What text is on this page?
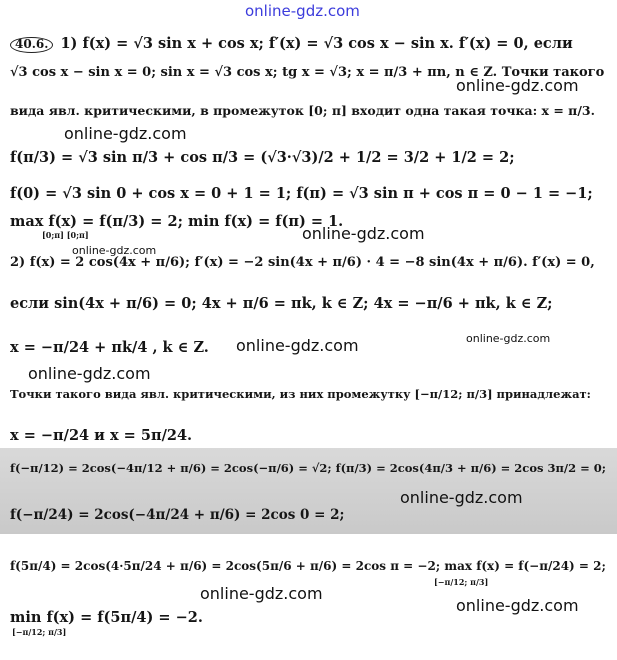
online-gdz.com
40.6. 1) f(x) = √3 sin x + cos x; f′(x) = √3 cos x − sin x. f′(x) = 0, если
√3 cos x − sin x = 0; sin x = √3 cos x; tg x = √3; x = π/3 + πn, n ∈ Z. Точки такого
online-gdz.com
вида явл. критическими, в промежуток [0; π] входит одна такая точка: x = π/3.
online-gdz.com
f(π/3) = √3 sin π/3 + cos π/3 = (√3·√3)/2 + 1/2 = 3/2 + 1/2 = 2;
f(0) = √3 sin 0 + cos x = 0 + 1 = 1; f(π) = √3 sin π + cos π = 0 − 1 = −1;
max f(x) = f(π/3) = 2; min f(x) = f(π) = 1.
[0;π] [0;π]	online-gdz.com
online-gdz.com
2) f(x) = 2 cos(4x + π/6); f′(x) = −2 sin(4x + π/6) · 4 = −8 sin(4x + π/6). f′(x) = 0,
если sin(4x + π/6) = 0; 4x + π/6 = πk, k ∈ Z; 4x = −π/6 + πk, k ∈ Z;
online-gdz.com
x = −π/24 + πk/4 , k ∈ Z. online-gdz.com
online-gdz.com
Точки такого вида явл. критическими, из них промежутку [−π/12; π/3] принадлежат:
x = −π/24 и x = 5π/24.
f(−π/12) = 2cos(−4π/12 + π/6) = 2cos(−π/6) = √2; f(π/3) = 2cos(4π/3 + π/6) = 2cos 3π/2 = 0;
online-gdz.com
f(−π/24) = 2cos(−4π/24 + π/6) = 2cos 0 = 2;
f(5π/4) = 2cos(4·5π/24 + π/6) = 2cos(5π/6 + π/6) = 2cos π = −2; max f(x) = f(−π/24) = 2;
[−π/12; π/3]
online-gdz.com
online-gdz.com
min f(x) = f(5π/4) = −2.
[−π/12; π/3]
